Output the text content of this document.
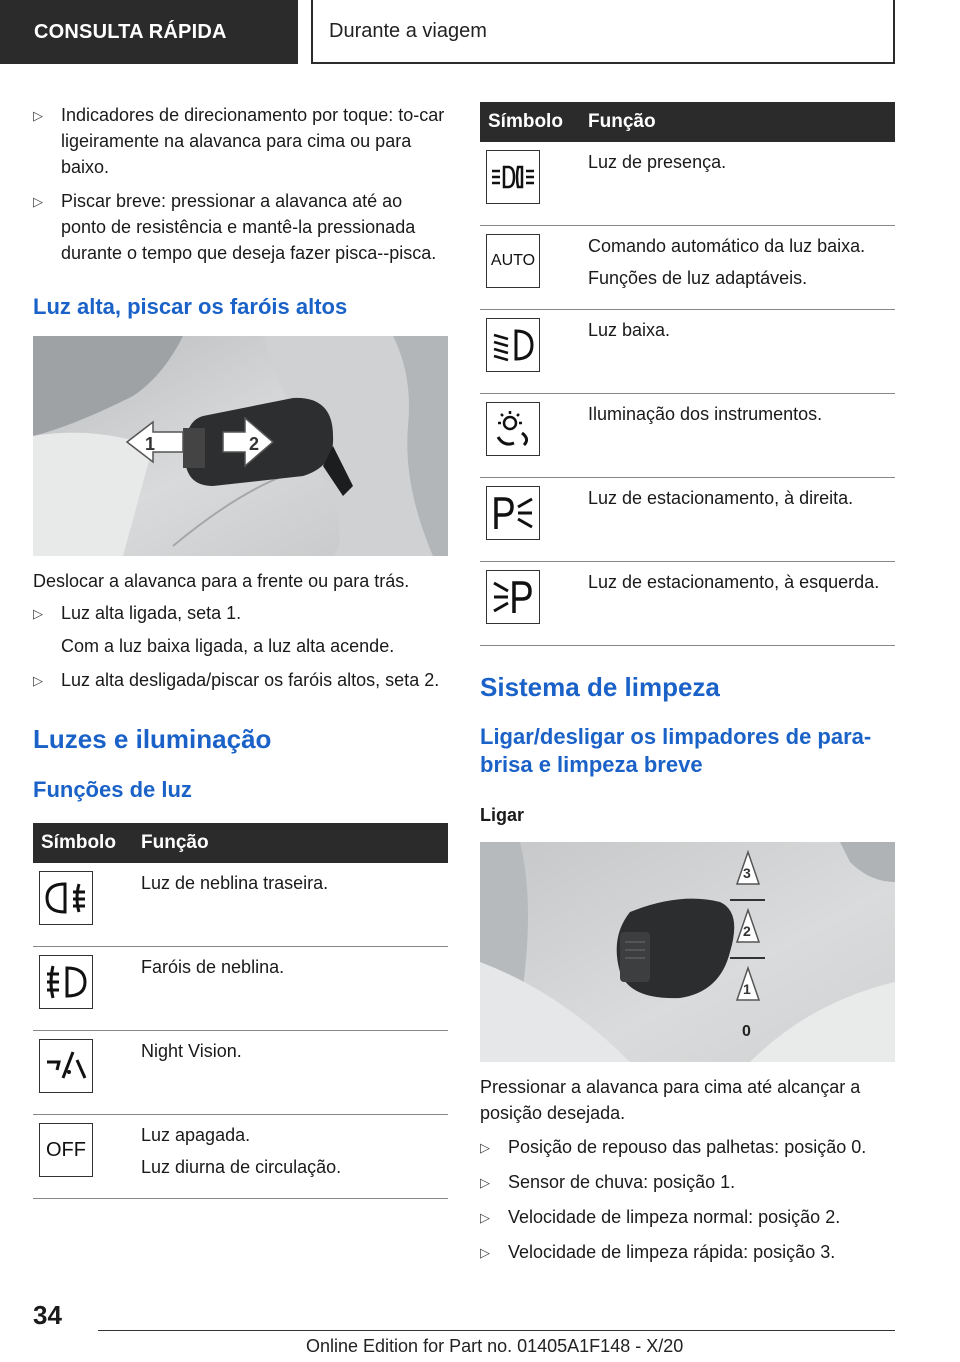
CONSULTA RÁPIDA	Durante a viagem
▷	Indicadores de direcionamento por toque: to-car ligeiramente na alavanca para cima ou para baixo.
▷	Piscar breve: pressionar a alavanca até ao ponto de resistência e mantê-la pressionada durante o tempo que deseja fazer pisca--pisca.
Luz alta, piscar os faróis altos
1	2
Deslocar a alavanca para a frente ou para trás.
▷	Luz alta ligada, seta 1.
Com a luz baixa ligada, a luz alta acende.
▷	Luz alta desligada/piscar os faróis altos, seta 2.
Luzes e iluminação
Funções de luz
Símbolo	Função

Luz de neblina traseira.

Faróis de neblina.

Night Vision.

OFF	Luz apagada.
Luz diurna de circulação.
Símbolo	Função

Luz de presença.

AUTO	Comando automático da luz baixa.
Funções de luz adaptáveis.

Luz baixa.

Iluminação dos instrumentos.

Luz de estacionamento, à direita.

Luz de estacionamento, à esquerda.
Sistema de limpeza
Ligar/desligar os limpadores de para-brisa e limpeza breve
Ligar
3
2
1
0
Pressionar a alavanca para cima até alcançar a posição desejada.
▷	Posição de repouso das palhetas: posição 0.
▷	Sensor de chuva: posição 1.
▷	Velocidade de limpeza normal: posição 2.
▷	Velocidade de limpeza rápida: posição 3.
34
Online Edition for Part no. 01405A1F148 - X/20
